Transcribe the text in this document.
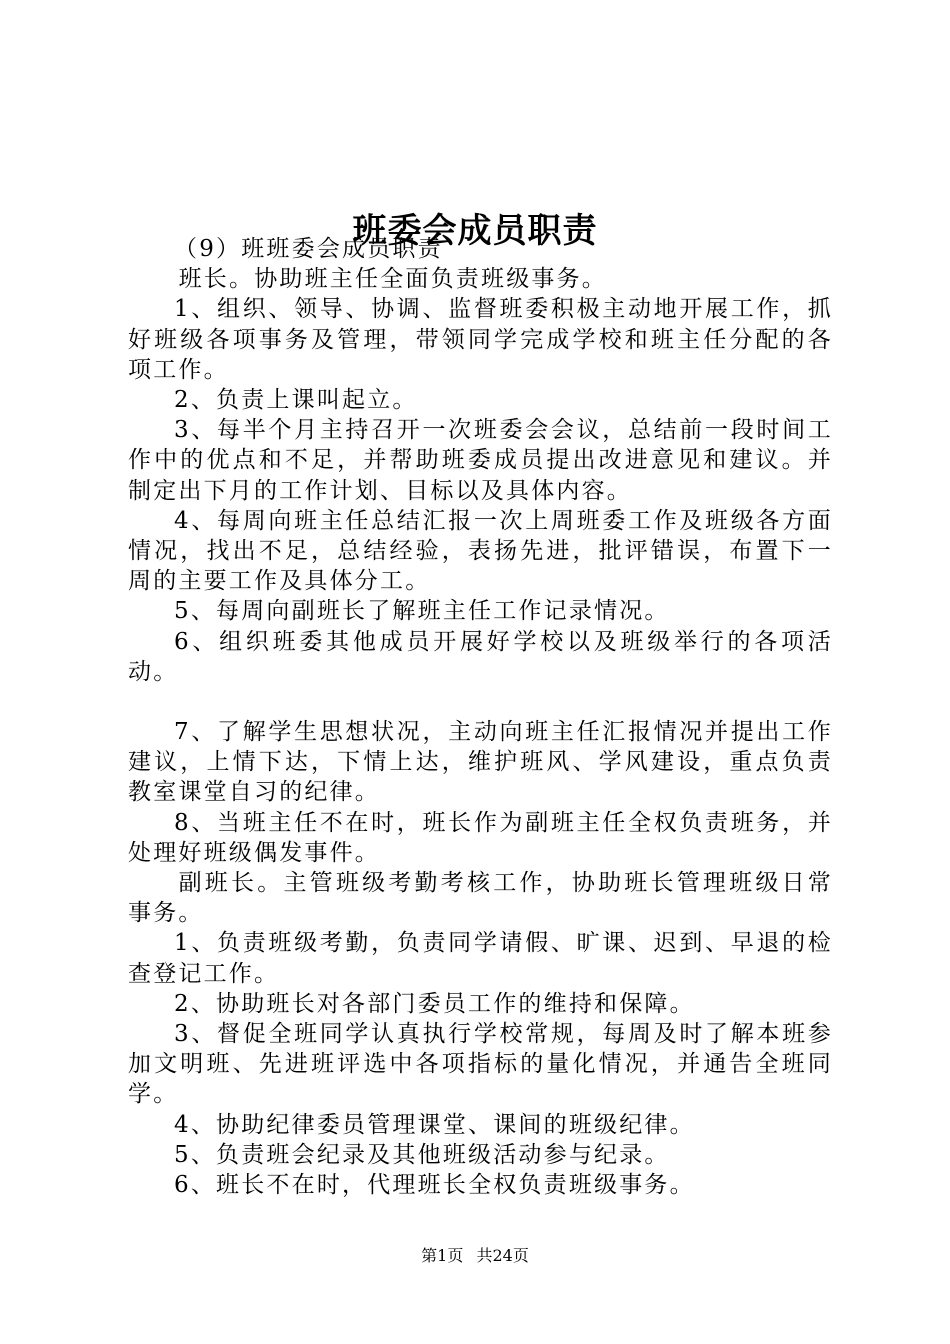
班委会成员职责

（9）班班委会成员职责

班长。协助班主任全面负责班级事务。

1、组织、领导、协调、监督班委积极主动地开展工作，抓好班级各项事务及管理，带领同学完成学校和班主任分配的各项工作。

2、负责上课叫起立。

3、每半个月主持召开一次班委会会议，总结前一段时间工作中的优点和不足，并帮助班委成员提出改进意见和建议。并制定出下月的工作计划、目标以及具体内容。

4、每周向班主任总结汇报一次上周班委工作及班级各方面情况，找出不足，总结经验，表扬先进，批评错误，布置下一周的主要工作及具体分工。

5、每周向副班长了解班主任工作记录情况。

6、组织班委其他成员开展好学校以及班级举行的各项活动。

7、了解学生思想状况，主动向班主任汇报情况并提出工作建议，上情下达，下情上达，维护班风、学风建设，重点负责教室课堂自习的纪律。

8、当班主任不在时，班长作为副班主任全权负责班务，并处理好班级偶发事件。

副班长。主管班级考勤考核工作，协助班长管理班级日常事务。

1、负责班级考勤，负责同学请假、旷课、迟到、早退的检查登记工作。

2、协助班长对各部门委员工作的维持和保障。

3、督促全班同学认真执行学校常规，每周及时了解本班参加文明班、先进班评选中各项指标的量化情况，并通告全班同学。

4、协助纪律委员管理课堂、课间的班级纪律。

5、负责班会纪录及其他班级活动参与纪录。

6、班长不在时，代理班长全权负责班级事务。

第1页 共24页
